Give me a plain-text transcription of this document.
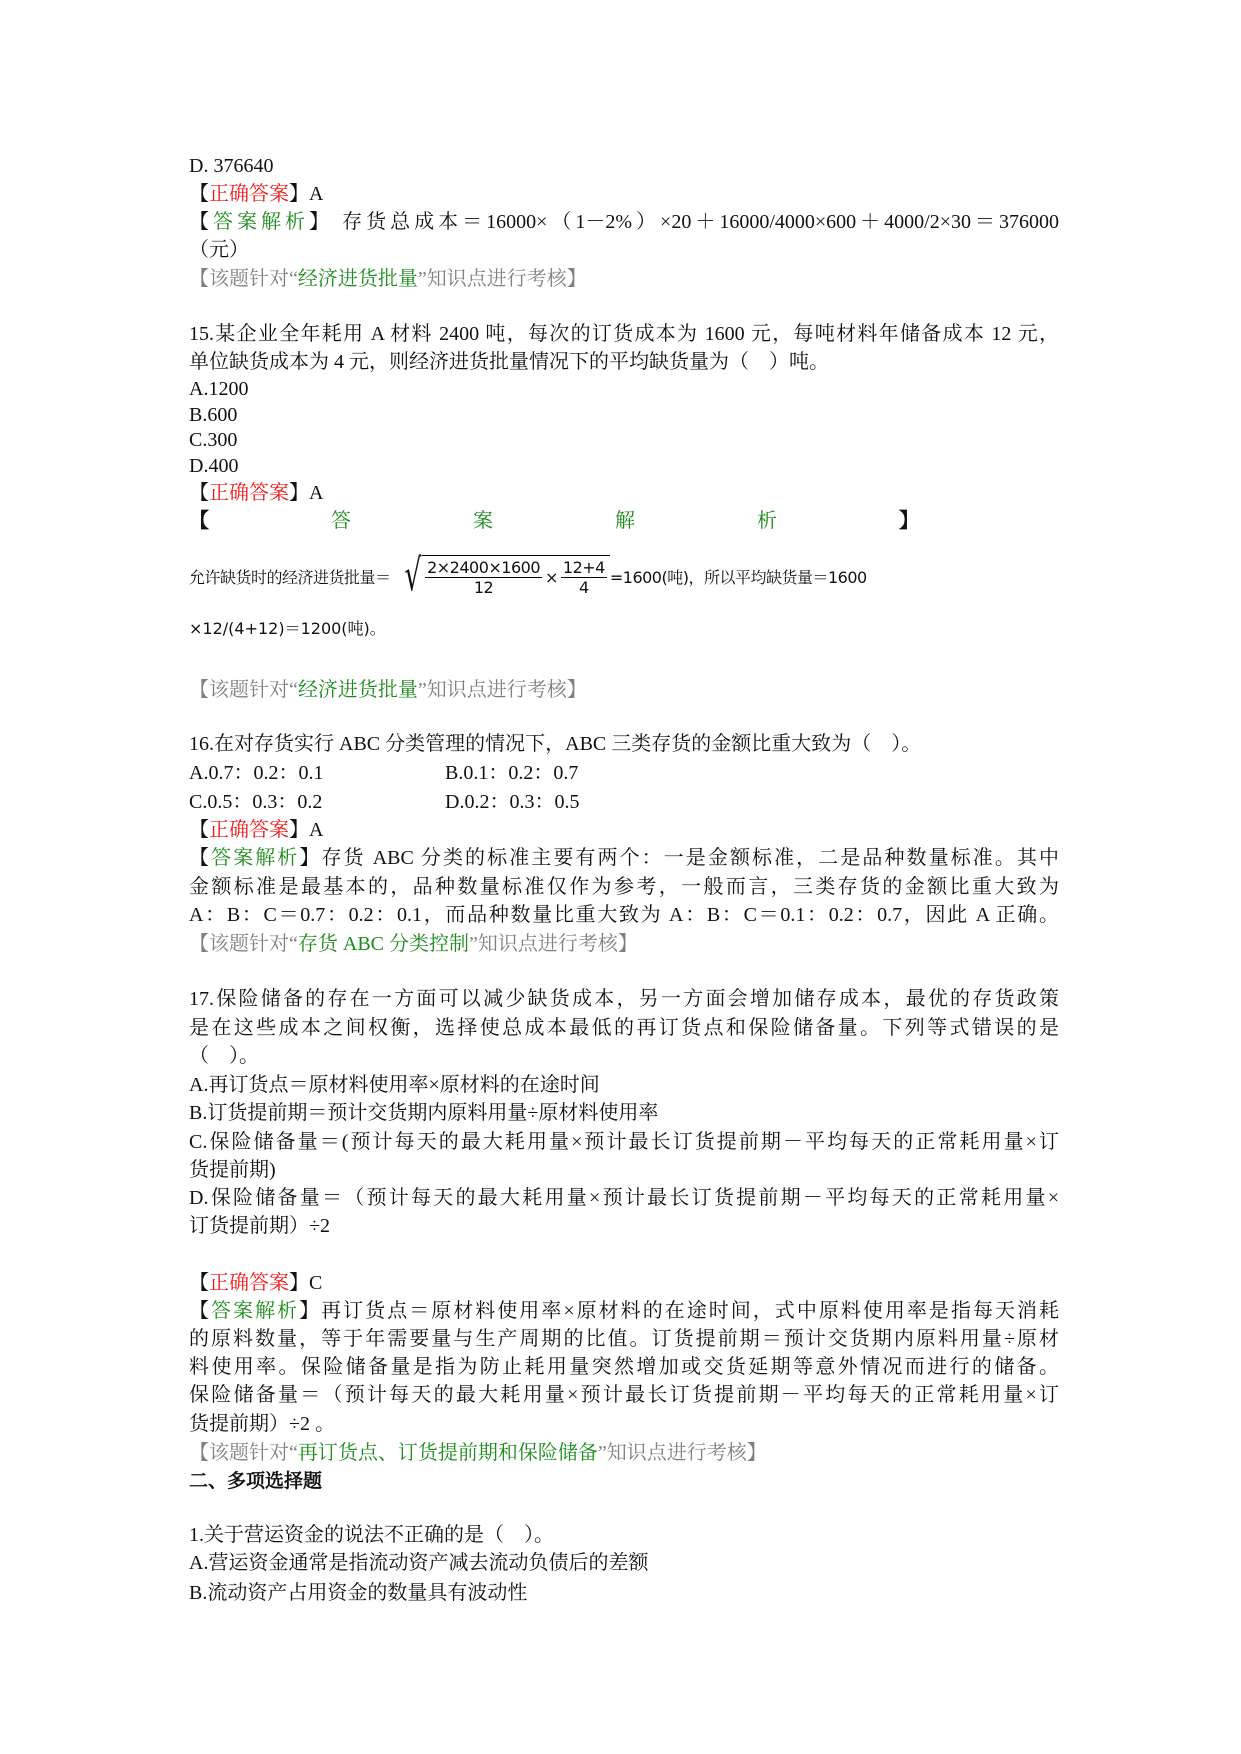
D. 376640
【正确答案】A
【答案解析】 存货总成本＝16000×（1－2%）×20＋16000/4000×600＋4000/2×30＝376000
（元）
【该题针对“经济进货批量”知识点进行考核】
15.某企业全年耗用 A 材料 2400 吨，每次的订货成本为 1600 元，每吨材料年储备成本 12 元，
单位缺货成本为 4 元，则经济进货批量情况下的平均缺货量为（　）吨。
A.1200
B.600
C.300
D.400
【正确答案】A
【	答	案	解	析	】
允许缺货时的经济进货批量＝ √ $\frac{2\times 2400\times 1600}{12} \times \frac{12+4}{4} =1600$(吨)，所以平均缺货量＝1600
×12/(4+12)＝1200(吨)。
【该题针对“经济进货批量”知识点进行考核】
16.在对存货实行 ABC 分类管理的情况下，ABC 三类存货的金额比重大致为（　）。
A.0.7：0.2：0.1	B.0.1：0.2：0.7
C.0.5：0.3：0.2	D.0.2：0.3：0.5
【正确答案】A
【答案解析】存货 ABC 分类的标准主要有两个：一是金额标准，二是品种数量标准。其中
金额标准是最基本的，品种数量标准仅作为参考，一般而言，三类存货的金额比重大致为
A：B：C＝0.7：0.2：0.1，而品种数量比重大致为 A：B：C＝0.1：0.2：0.7，因此 A 正确。
【该题针对“存货 ABC 分类控制”知识点进行考核】
17.保险储备的存在一方面可以减少缺货成本，另一方面会增加储存成本，最优的存货政策
是在这些成本之间权衡，选择使总成本最低的再订货点和保险储备量。下列等式错误的是
（　）。
A.再订货点＝原材料使用率×原材料的在途时间
B.订货提前期＝预计交货期内原料用量÷原材料使用率
C.保险储备量＝(预计每天的最大耗用量×预计最长订货提前期－平均每天的正常耗用量×订
货提前期)
D.保险储备量＝（预计每天的最大耗用量×预计最长订货提前期－平均每天的正常耗用量×
订货提前期）÷2
【正确答案】C
【答案解析】再订货点＝原材料使用率×原材料的在途时间，式中原料使用率是指每天消耗
的原料数量，等于年需要量与生产周期的比值。订货提前期＝预计交货期内原料用量÷原材
料使用率。保险储备量是指为防止耗用量突然增加或交货延期等意外情况而进行的储备。
保险储备量＝（预计每天的最大耗用量×预计最长订货提前期－平均每天的正常耗用量×订
货提前期）÷2 。
【该题针对“再订货点、订货提前期和保险储备”知识点进行考核】
二、多项选择题
1.关于营运资金的说法不正确的是（　）。
A.营运资金通常是指流动资产减去流动负债后的差额
B.流动资产占用资金的数量具有波动性
